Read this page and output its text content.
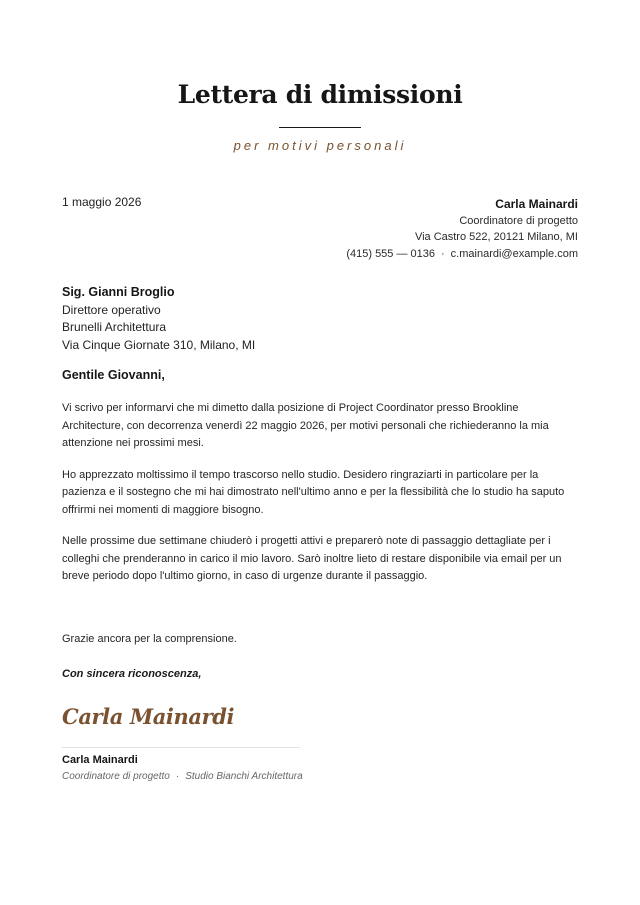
Lettera di dimissioni
per motivi personali
1 maggio 2026	Carla Mainardi
Coordinatore di progetto
Via Castro 522, 20121 Milano, MI
(415) 555 — 0136 · c.mainardi@example.com
Sig. Gianni Broglio
Direttore operativo
Brunelli Architettura
Via Cinque Giornate 310, Milano, MI
Gentile Giovanni,

Vi scrivo per informarvi che mi dimetto dalla posizione di Project Coordinator presso Brookline Architecture, con decorrenza venerdì 22 maggio 2026, per motivi personali che richiederanno la mia attenzione nei prossimi mesi.

Ho apprezzato moltissimo il tempo trascorso nello studio. Desidero ringraziarti in particolare per la pazienza e il sostegno che mi hai dimostrato nell'ultimo anno e per la flessibilità che lo studio ha saputo offrirmi nei momenti di maggiore bisogno.

Nelle prossime due settimane chiuderò i progetti attivi e preparerò note di passaggio dettagliate per i colleghi che prenderanno in carico il mio lavoro. Sarò inoltre lieto di restare disponibile via email per un breve periodo dopo l'ultimo giorno, in caso di urgenze durante il passaggio.

Grazie ancora per la comprensione.
Con sincera riconoscenza,
Carla Mainardi
Carla Mainardi
Coordinatore di progetto · Studio Bianchi Architettura
